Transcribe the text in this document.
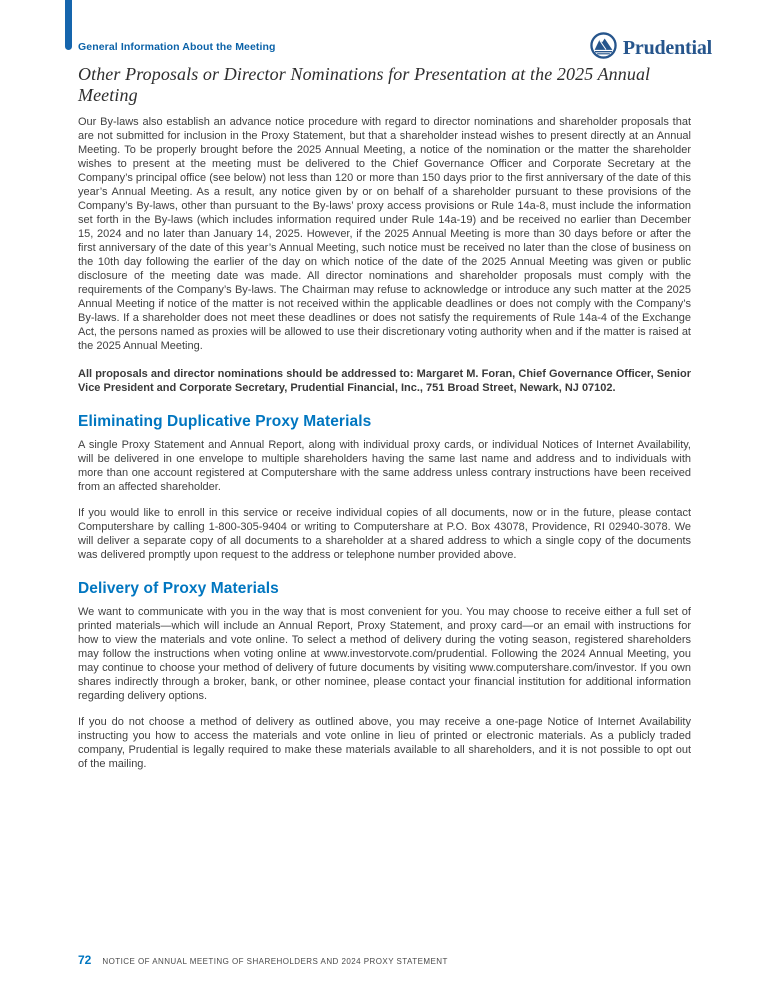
General Information About the Meeting	Prudential
Other Proposals or Director Nominations for Presentation at the 2025 Annual Meeting

Our By-laws also establish an advance notice procedure with regard to director nominations and shareholder proposals that are not submitted for inclusion in the Proxy Statement, but that a shareholder instead wishes to present directly at an Annual Meeting. To be properly brought before the 2025 Annual Meeting, a notice of the nomination or the matter the shareholder wishes to present at the meeting must be delivered to the Chief Governance Officer and Corporate Secretary at the Company’s principal office (see below) not less than 120 or more than 150 days prior to the first anniversary of the date of this year’s Annual Meeting. As a result, any notice given by or on behalf of a shareholder pursuant to these provisions of the Company’s By-laws, other than pursuant to the By-laws’ proxy access provisions or Rule 14a-8, must include the information set forth in the By-laws (which includes information required under Rule 14a-19) and be received no earlier than December 15, 2024 and no later than January 14, 2025. However, if the 2025 Annual Meeting is more than 30 days before or after the first anniversary of the date of this year’s Annual Meeting, such notice must be received no later than the close of business on the 10th day following the earlier of the day on which notice of the date of the 2025 Annual Meeting was given or public disclosure of the meeting date was made. All director nominations and shareholder proposals must comply with the requirements of the Company’s By-laws. The Chairman may refuse to acknowledge or introduce any such matter at the 2025 Annual Meeting if notice of the matter is not received within the applicable deadlines or does not comply with the Company’s By-laws. If a shareholder does not meet these deadlines or does not satisfy the requirements of Rule 14a-4 of the Exchange Act, the persons named as proxies will be allowed to use their discretionary voting authority when and if the matter is raised at the 2025 Annual Meeting.

All proposals and director nominations should be addressed to: Margaret M. Foran, Chief Governance Officer, Senior Vice President and Corporate Secretary, Prudential Financial, Inc., 751 Broad Street, Newark, NJ 07102.

Eliminating Duplicative Proxy Materials

A single Proxy Statement and Annual Report, along with individual proxy cards, or individual Notices of Internet Availability, will be delivered in one envelope to multiple shareholders having the same last name and address and to individuals with more than one account registered at Computershare with the same address unless contrary instructions have been received from an affected shareholder.

If you would like to enroll in this service or receive individual copies of all documents, now or in the future, please contact Computershare by calling 1-800-305-9404 or writing to Computershare at P.O. Box 43078, Providence, RI 02940-3078. We will deliver a separate copy of all documents to a shareholder at a shared address to which a single copy of the documents was delivered promptly upon request to the address or telephone number provided above.

Delivery of Proxy Materials

We want to communicate with you in the way that is most convenient for you. You may choose to receive either a full set of printed materials—which will include an Annual Report, Proxy Statement, and proxy card—or an email with instructions for how to view the materials and vote online. To select a method of delivery during the voting season, registered shareholders may follow the instructions when voting online at www.investorvote.com/prudential. Following the 2024 Annual Meeting, you may continue to choose your method of delivery of future documents by visiting www.computershare.com/investor. If you own shares indirectly through a broker, bank, or other nominee, please contact your financial institution for additional information regarding delivery options.

If you do not choose a method of delivery as outlined above, you may receive a one-page Notice of Internet Availability instructing you how to access the materials and vote online in lieu of printed or electronic materials. As a publicly traded company, Prudential is legally required to make these materials available to all shareholders, and it is not possible to opt out of the mailing.

72 NOTICE OF ANNUAL MEETING OF SHAREHOLDERS AND 2024 PROXY STATEMENT
